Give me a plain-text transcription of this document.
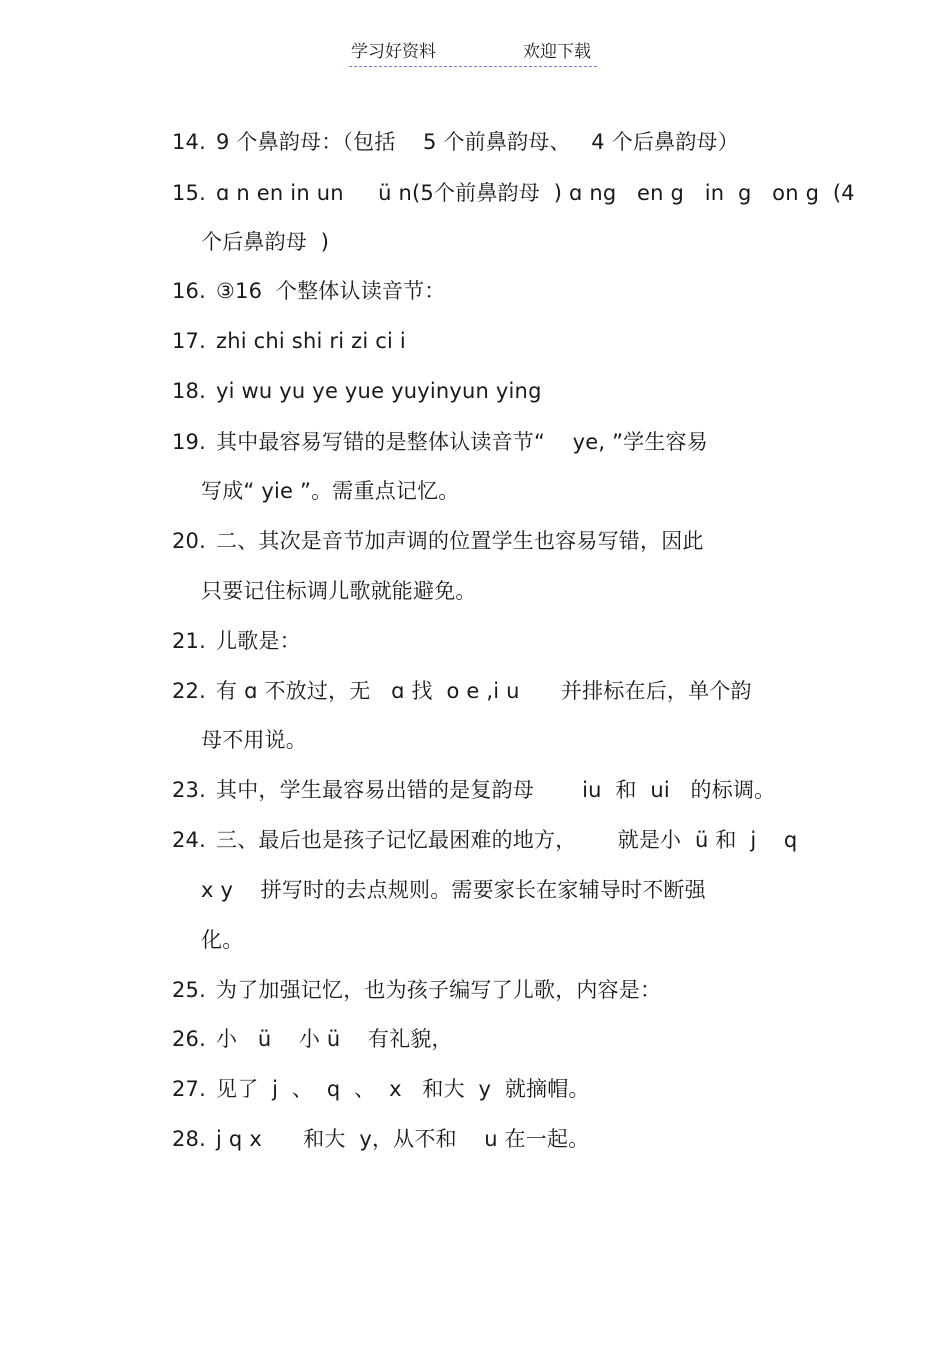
学习好资料	欢迎下载
14. 9 个鼻韵母：（包括    5 个前鼻韵母、   4 个后鼻韵母）
15. ɑ n en in un     ü n(5个前鼻韵母  ) ɑ ng   en g   in  g   on g  (4
个后鼻韵母  )
16. ③16  个整体认读音节：
17. zhi chi shi ri zi ci i
18. yi wu yu ye yue yuyinyun ying
19. 其中最容易写错的是整体认读音节“    ye, ”学生容易
写成“ yie ”。需重点记忆。
20. 二、其次是音节加声调的位置学生也容易写错，因此
只要记住标调儿歌就能避免。
21. 儿歌是：
22. 有 ɑ 不放过，无   ɑ 找  o e ,i u      并排标在后，单个韵
母不用说。
23. 其中，学生最容易出错的是复韵母       iu  和  ui   的标调。
24. 三、最后也是孩子记忆最困难的地方，      就是小  ü 和  j    q
x y    拼写时的去点规则。需要家长在家辅导时不断强
化。
25. 为了加强记忆，也为孩子编写了儿歌，内容是：
26. 小   ü    小 ü    有礼貌，
27. 见了  j  、  q  、  x   和大  y  就摘帽。
28. j q x      和大  y，从不和    u 在一起。
